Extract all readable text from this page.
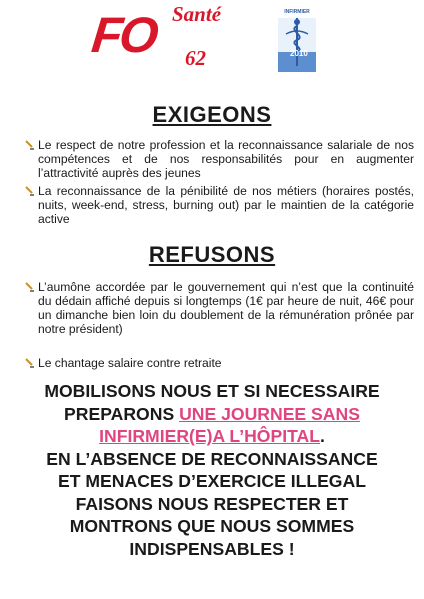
FO Santé
62
INFIRMIER
2010
EXIGEONS
Le respect de notre profession et la reconnaissance salariale de nos compétences et de nos responsabilités pour en augmenter l’attractivité auprès des jeunes
La reconnaissance de la pénibilité de nos métiers (horaires postés, nuits, week-end, stress, burning out) par le maintien de la catégorie active
REFUSONS
L’aumône accordée par le gouvernement qui n’est que la continuité du dédain affiché depuis si longtemps (1€ par heure de nuit, 46€ pour un dimanche bien loin du doublement de la rémunération prônée par notre président)
Le chantage salaire contre retraite
MOBILISONS NOUS ET SI NECESSAIRE
PREPARONS UNE JOURNEE SANS
INFIRMIER(E)A L’HÔPITAL.
EN L’ABSENCE DE RECONNAISSANCE
ET MENACES D’EXERCICE ILLEGAL
FAISONS NOUS RESPECTER ET
MONTRONS QUE NOUS SOMMES
INDISPENSABLES !
